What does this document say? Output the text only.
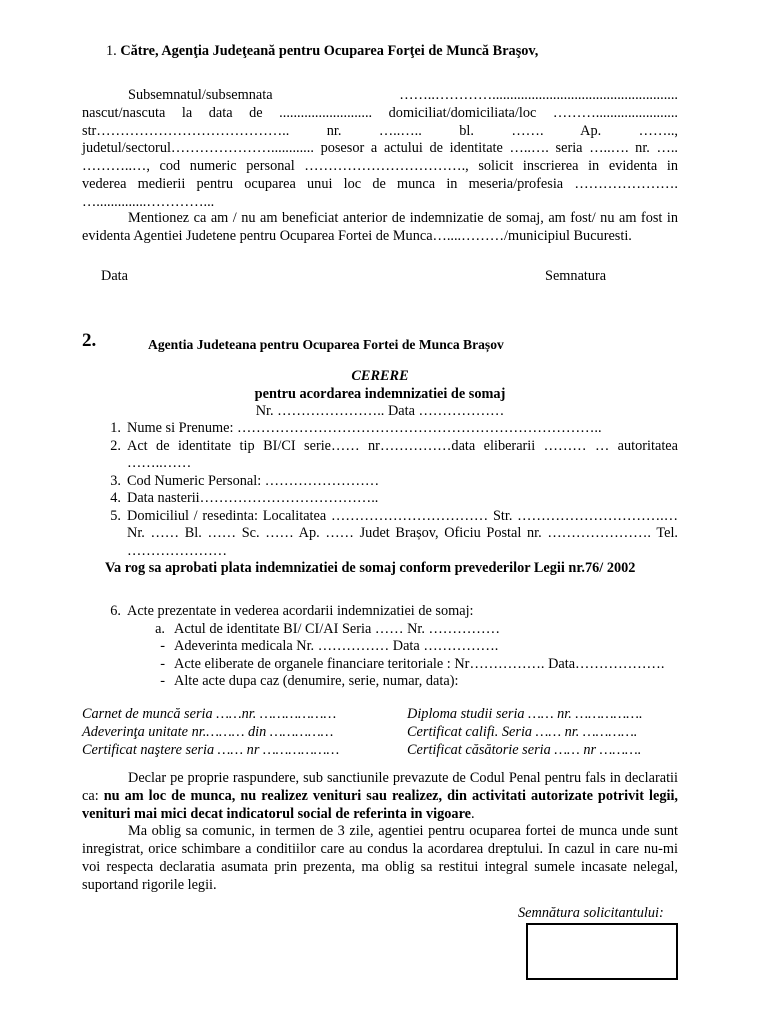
1. Către, Agenţia Judeţeană pentru Ocuparea Forţei de Muncă Braşov,

Subsemnatul/subsemnata ……..…………....................................................

nascut/nascuta la data de .......................... domiciliat/domiciliata/loc ……….......................

str………………………………….. nr. …..….. bl. ……. Ap. ……..,

judetul/sectorul…………………............ posesor a actului de identitate …..…. seria …..…. nr. …..

………..…, cod numeric personal ……………………………., solicit inscrierea in evidenta in

vederea medierii pentru ocuparea unui loc de munca in meseria/profesia ………………….

…..............…………...

Mentionez ca am / nu am beneficiat anterior de indemnizatie de somaj, am fost/ nu am fost in evidenta Agentiei Judetene pentru Ocuparea Fortei de Munca…....………/municipiul Bucuresti.
Data	Semnatura
2.	Agentia Judeteana pentru Ocuparea Fortei de Munca Brașov
CERERE
pentru acordarea indemnizatiei de somaj
Nr. ………………….. Data ………………
1. Nume si Prenume: …………………………………………………………………..
2. Act de identitate tip BI/CI serie…… nr……………data eliberarii ……… … autoritatea ……..……
3. Cod Numeric Personal: ……………………
4. Data nasterii………………………………..
5. Domiciliul / resedinta: Localitatea …………………………… Str. ………………………….… Nr. …… Bl. …… Sc. …… Ap. …… Judet Brașov, Oficiu Postal nr. …………………. Tel. …………………
Va rog sa aprobati plata indemnizatiei de somaj conform prevederilor Legii nr.76/ 2002
6. Acte prezentate in vederea acordarii indemnizatiei de somaj:
a. Actul de identitate BI/ CI/AI Seria …… Nr. ……………
- Adeverinta medicala Nr. …………… Data …………….
- Acte eliberate de organele financiare teritoriale : Nr……………. Data……………….
- Alte acte dupa caz (denumire, serie, numar, data):
Carnet de muncă seria ……nr. ………………	Diploma studii seria …… nr. …………….
Adeverinţa unitate nr.……… din ……………	Certificat califi. Seria …… nr. ………….
Certificat naştere seria …… nr ………………	Certificat căsătorie seria …… nr ……….

Declar pe proprie raspundere, sub sanctiunile prevazute de Codul Penal pentru fals in declaratii ca: nu am loc de munca, nu realizez venituri sau realizez, din activitati autorizate potrivit legii, venituri mai mici decat indicatorul social de referinta in vigoare.

Ma oblig sa comunic, in termen de 3 zile, agentiei pentru ocuparea fortei de munca unde sunt inregistrat, orice schimbare a conditiilor care au condus la acordarea dreptului. In cazul in care nu-mi voi respecta declaratia asumata prin prezenta, ma oblig sa restitui integral sumele incasate nelegal, suportand rigorile legii.

Semnătura solicitantului:
